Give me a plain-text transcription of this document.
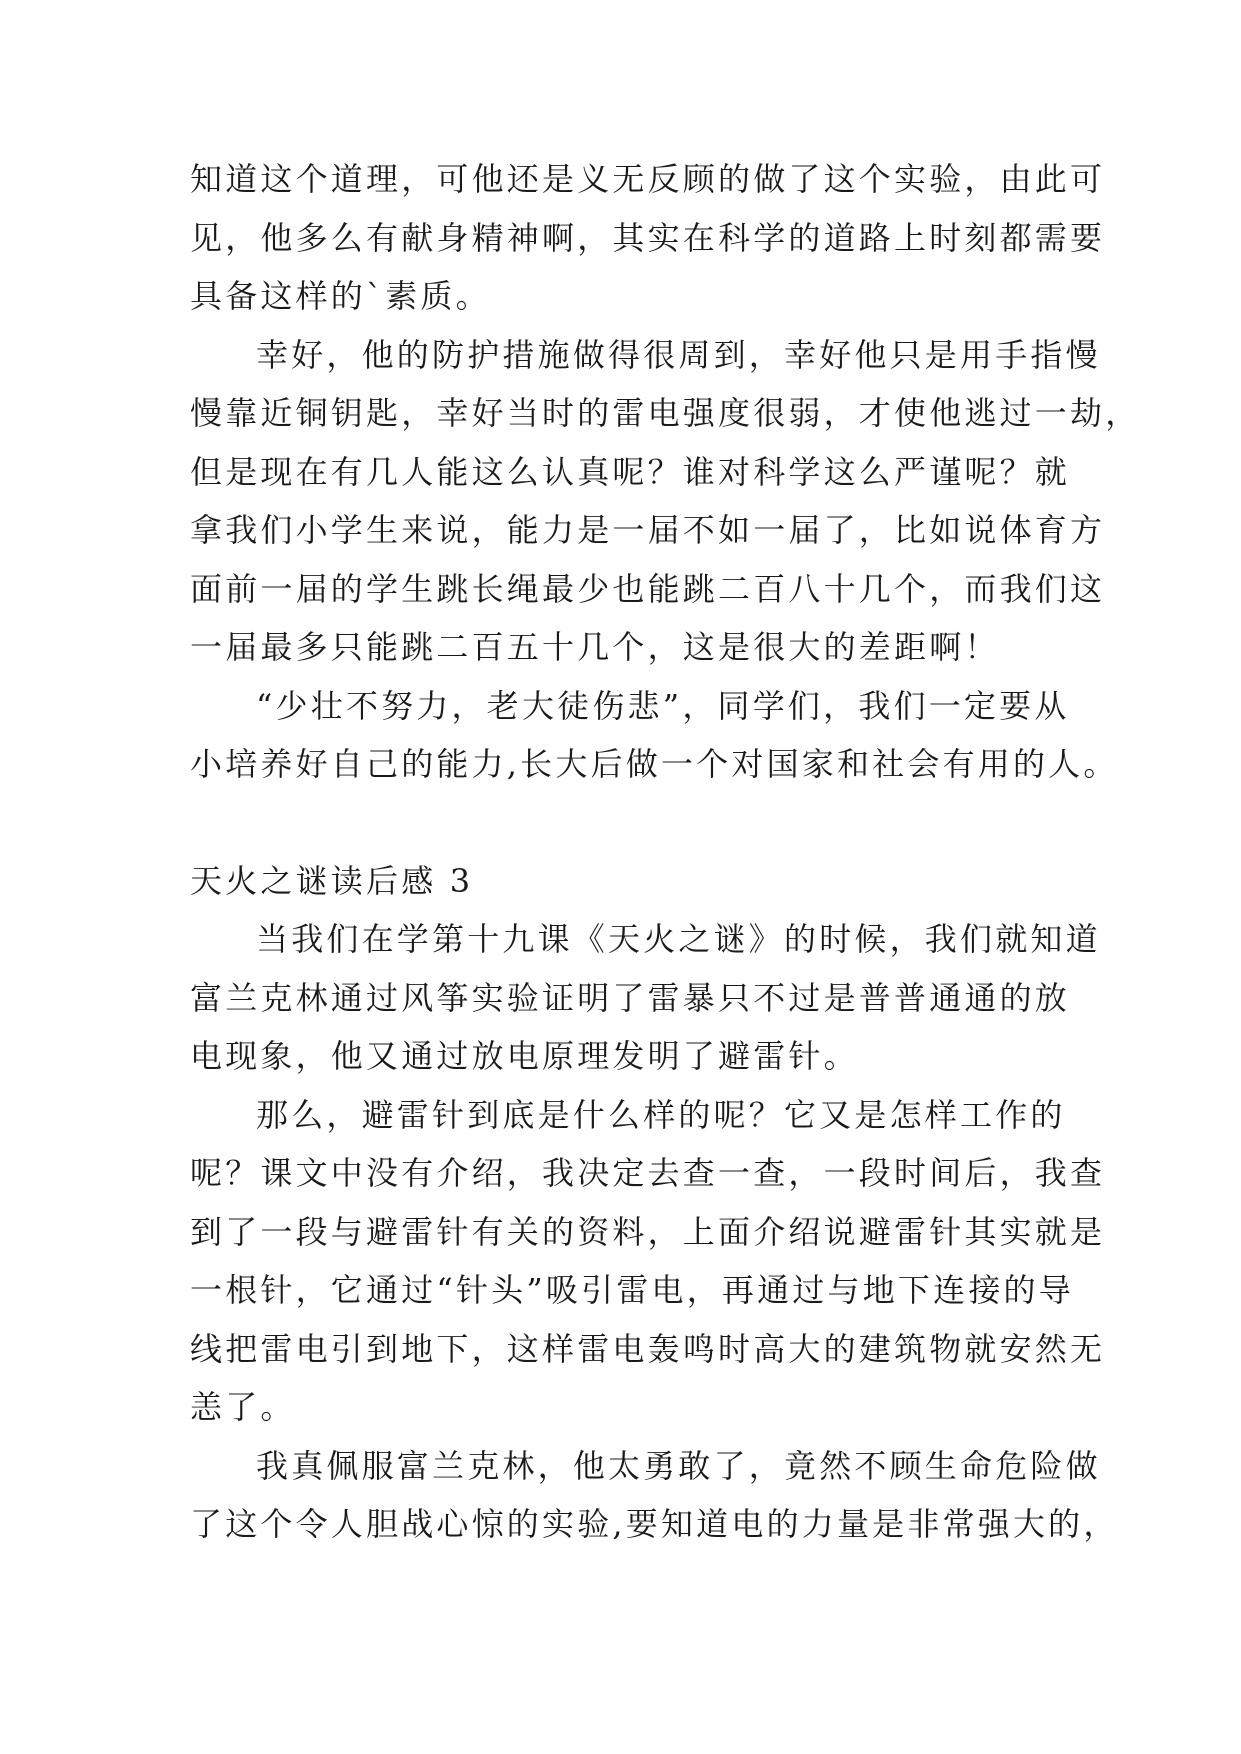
知道这个道理，可他还是义无反顾的做了这个实验，由此可
见，他多么有献身精神啊，其实在科学的道路上时刻都需要
具备这样的`素质。
幸好，他的防护措施做得很周到，幸好他只是用手指慢
慢靠近铜钥匙，幸好当时的雷电强度很弱，才使他逃过一劫，
但是现在有几人能这么认真呢？谁对科学这么严谨呢？就
拿我们小学生来说，能力是一届不如一届了，比如说体育方
面前一届的学生跳长绳最少也能跳二百八十几个，而我们这
一届最多只能跳二百五十几个，这是很大的差距啊！
“少壮不努力，老大徒伤悲”，同学们，我们一定要从
小培养好自己的能力,长大后做一个对国家和社会有用的人。
天火之谜读后感 3
当我们在学第十九课《天火之谜》的时候，我们就知道
富兰克林通过风筝实验证明了雷暴只不过是普普通通的放
电现象，他又通过放电原理发明了避雷针。
那么，避雷针到底是什么样的呢？它又是怎样工作的
呢？课文中没有介绍，我决定去查一查，一段时间后，我查
到了一段与避雷针有关的资料，上面介绍说避雷针其实就是
一根针，它通过“针头”吸引雷电，再通过与地下连接的导
线把雷电引到地下，这样雷电轰鸣时高大的建筑物就安然无
恙了。
我真佩服富兰克林，他太勇敢了，竟然不顾生命危险做
了这个令人胆战心惊的实验,要知道电的力量是非常强大的，
